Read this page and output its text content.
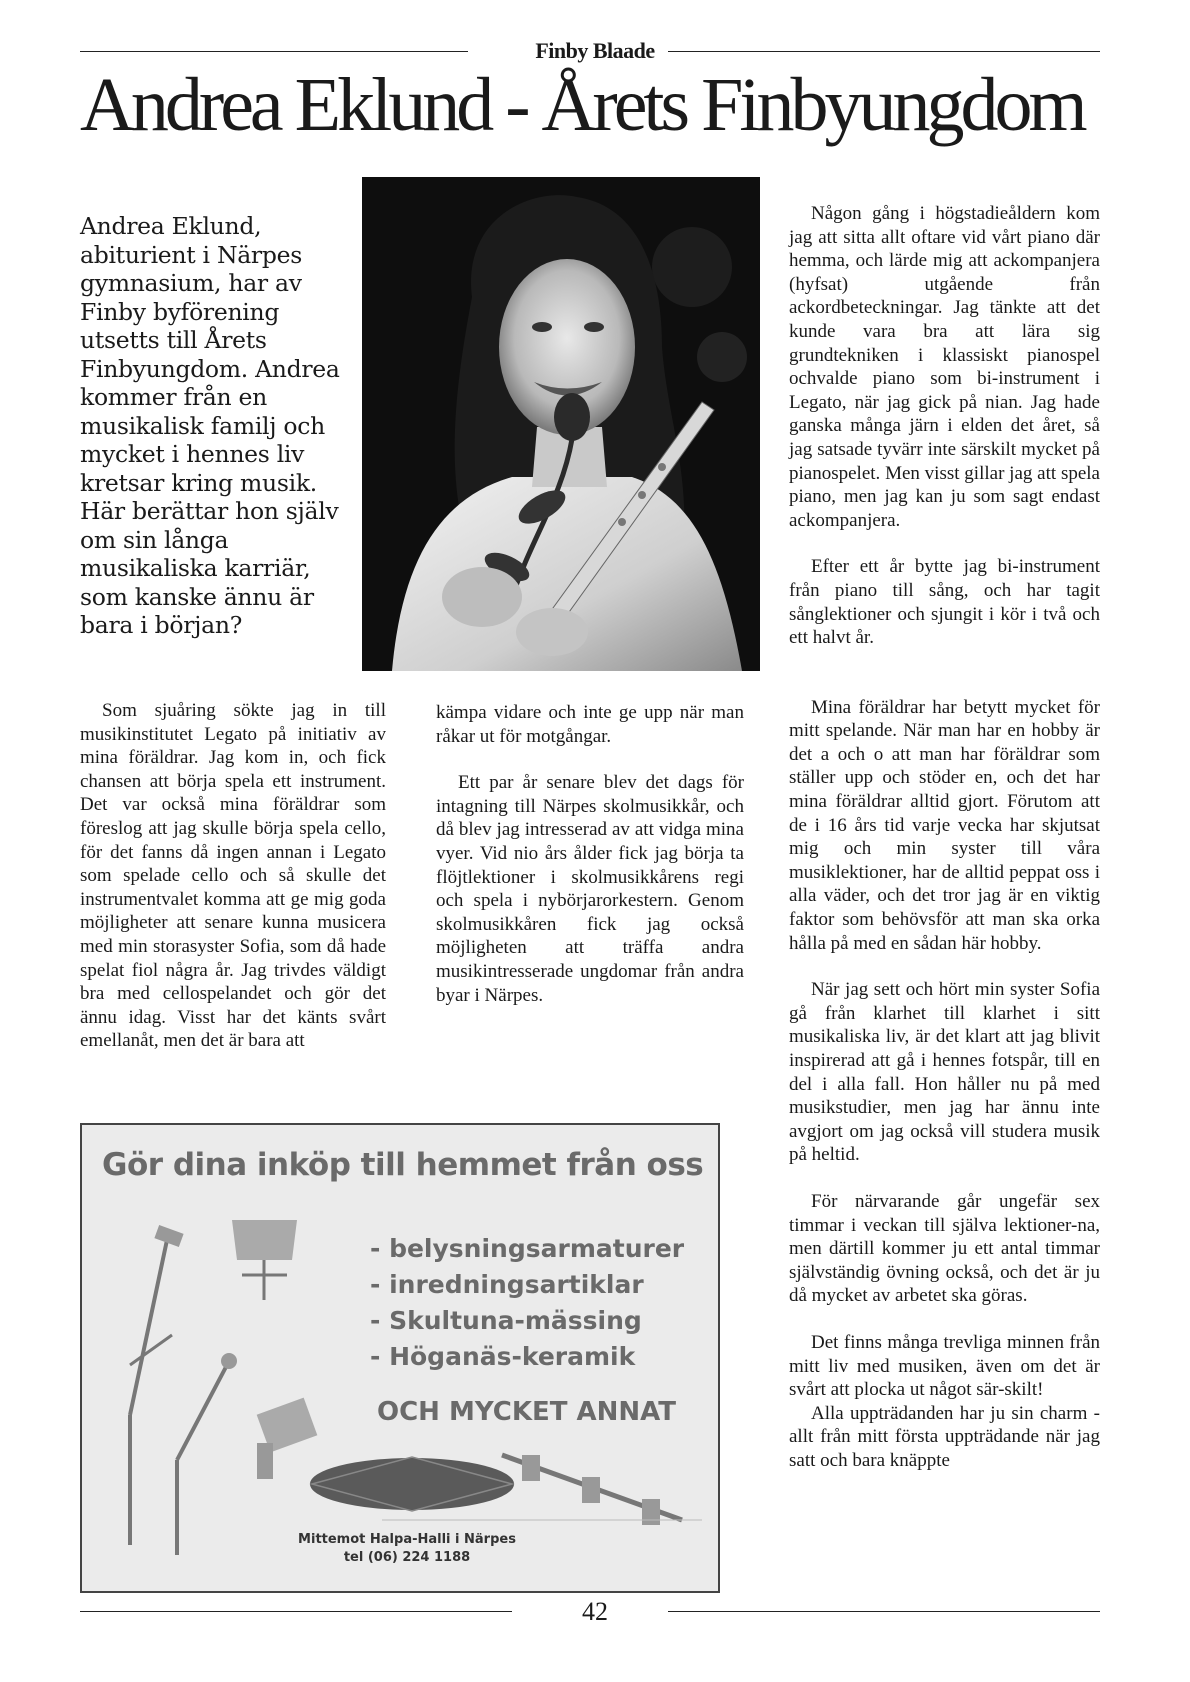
Finby Blaade
Andrea Eklund - Årets Finbyungdom

Andrea Eklund, abiturient i Närpes gymnasium, har av Finby byförening utsetts till Årets Finbyungdom. Andrea kommer från en musikalisk familj och mycket i hennes liv kretsar kring musik. Här berättar hon själv om sin långa musikaliska karriär, som kanske ännu är bara i början?

Som sjuåring sökte jag in till musikinstitutet Legato på initiativ av mina föräldrar. Jag kom in, och fick chansen att börja spela ett instrument. Det var också mina föräldrar som föreslog att jag skulle börja spela cello, för det fanns då ingen annan i Legato som spelade cello och så skulle det instrumentvalet komma att ge mig goda möjligheter att senare kunna musicera med min storasyster Sofia, som då hade spelat fiol några år. Jag trivdes väldigt bra med cellospelandet och gör det ännu idag. Visst har det känts svårt emellanåt, men det är bara att

kämpa vidare och inte ge upp när man råkar ut för motgångar.

Ett par år senare blev det dags för intagning till Närpes skolmusikkår, och då blev jag intresserad av att vidga mina vyer. Vid nio års ålder fick jag börja ta flöjtlektioner i skolmusikkårens regi och spela i nybörjarorkestern. Genom skolmusikkåren fick jag också möjligheten att träffa andra musikintresserade ungdomar från andra byar i Närpes.

Någon gång i högstadieåldern kom jag att sitta allt oftare vid vårt piano där hemma, och lärde mig att ackompanjera (hyfsat) utgående från ackordbeteckningar. Jag tänkte att det kunde vara bra att lära sig grundtekniken i klassiskt pianospel ochvalde piano som bi-instrument i Legato, när jag gick på nian. Jag hade ganska många järn i elden det året, så jag satsade tyvärr inte särskilt mycket på pianospelet. Men visst gillar jag att spela piano, men jag kan ju som sagt endast ackompanjera.

Efter ett år bytte jag bi-instrument från piano till sång, och har tagit sånglektioner och sjungit i kör i två och ett halvt år.

Mina föräldrar har betytt mycket för mitt spelande. När man har en hobby är det a och o att man har föräldrar som ställer upp och stöder en, och det har mina föräldrar alltid gjort. Förutom att de i 16 års tid varje vecka har skjutsat mig och min syster till våra musiklektioner, har de alltid peppat oss i alla väder, och det tror jag är en viktig faktor som behövsför att man ska orka hålla på med en sådan här hobby.

När jag sett och hört min syster Sofia gå från klarhet till klarhet i sitt musikaliska liv, är det klart att jag blivit inspirerad att gå i hennes fotspår, till en del i alla fall. Hon håller nu på med musikstudier, men jag har ännu inte avgjort om jag också vill studera musik på heltid.

För närvarande går ungefär sex timmar i veckan till själva lektioner-na, men därtill kommer ju ett antal timmar självständig övning också, och det är ju då mycket av arbetet ska göras.

Det finns många trevliga minnen från mitt liv med musiken, även om det är svårt att plocka ut något sär-skilt!

Alla uppträdanden har ju sin charm - allt från mitt första uppträdande när jag satt och bara knäppte

Gör dina inköp till hemmet från oss
- belysningsarmaturer
- inredningsartiklar
- Skultuna-mässing
- Höganäs-keramik
OCH MYCKET ANNAT
Mittemot Halpa-Halli i Närpes
tel (06) 224 1188
42
